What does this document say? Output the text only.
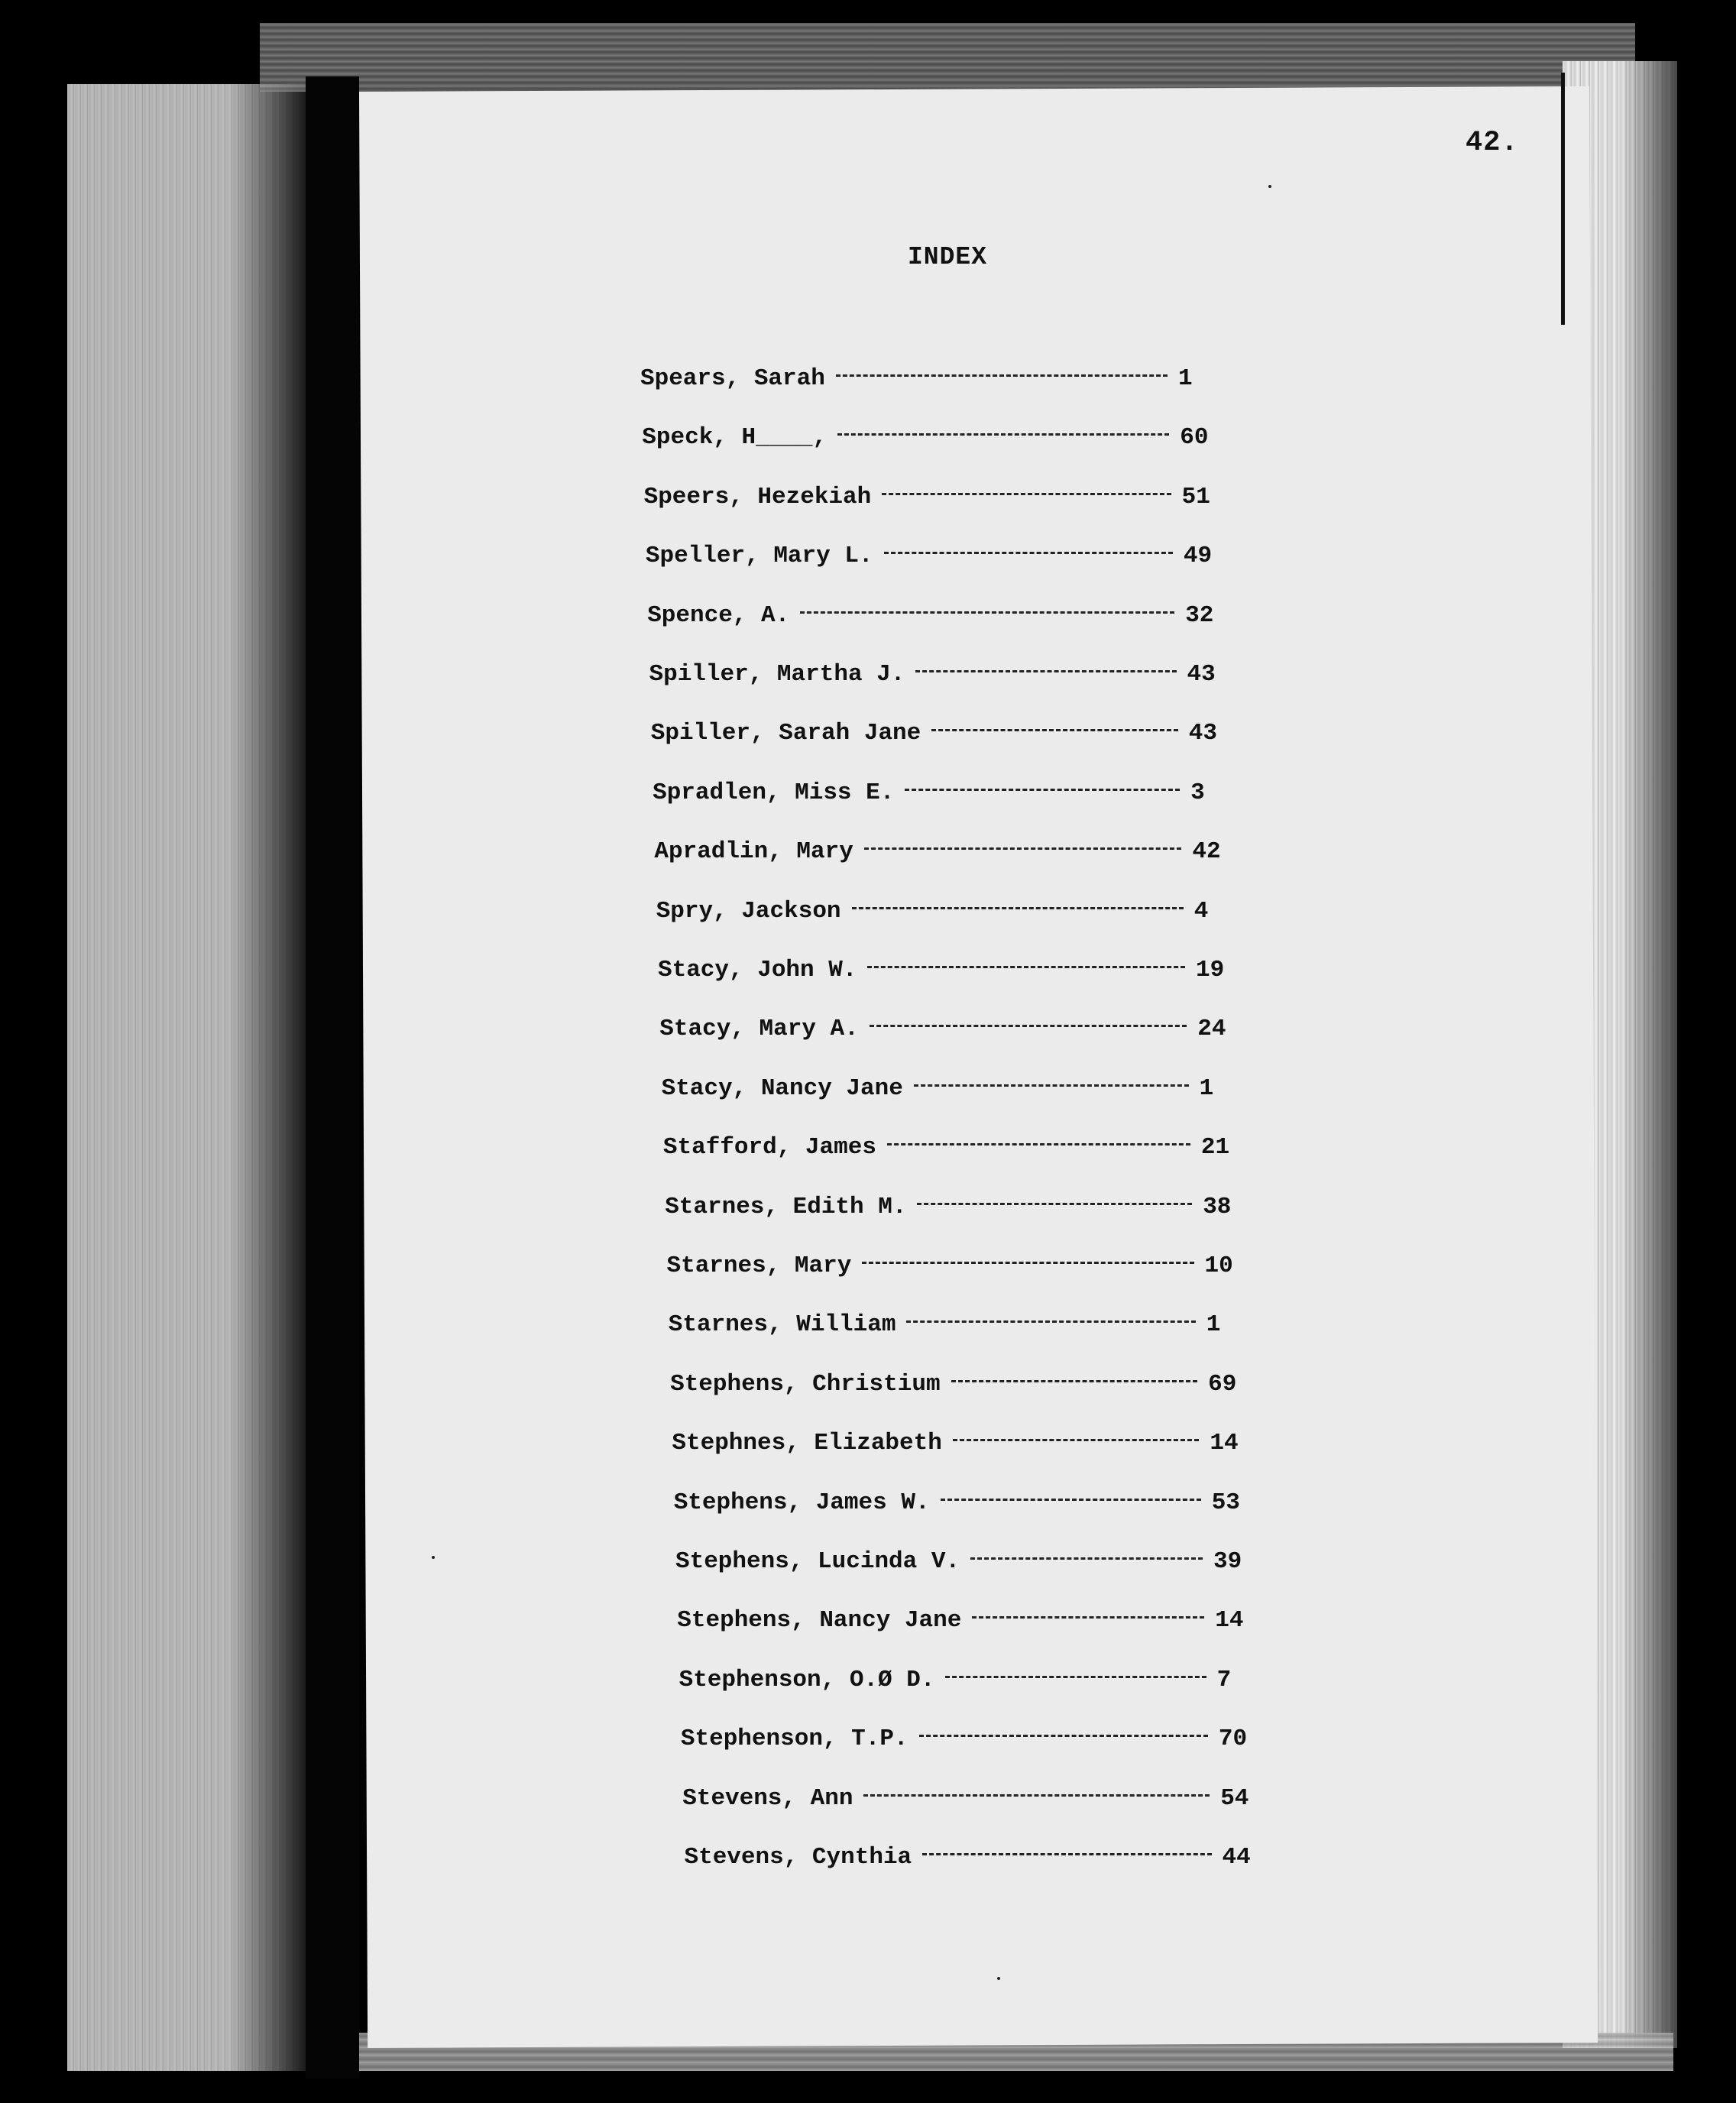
42.
INDEX
Spears, Sarah	1
Speck, H____,	60
Speers, Hezekiah	51
Speller, Mary L.	49
Spence, A.	32
Spiller, Martha J.	43
Spiller, Sarah Jane	43
Spradlen, Miss E.	3
Apradlin, Mary	42
Spry, Jackson	4
Stacy, John W.	19
Stacy, Mary A.	24
Stacy, Nancy Jane	1
Stafford, James	21
Starnes, Edith M.	38
Starnes, Mary	10
Starnes, William	1
Stephens, Christium	69
Stephnes, Elizabeth	14
Stephens, James W.	53
Stephens, Lucinda V.	39
Stephens, Nancy Jane	14
Stephenson, O.Ø D.	7
Stephenson, T.P.	70
Stevens, Ann	54
Stevens, Cynthia	44
